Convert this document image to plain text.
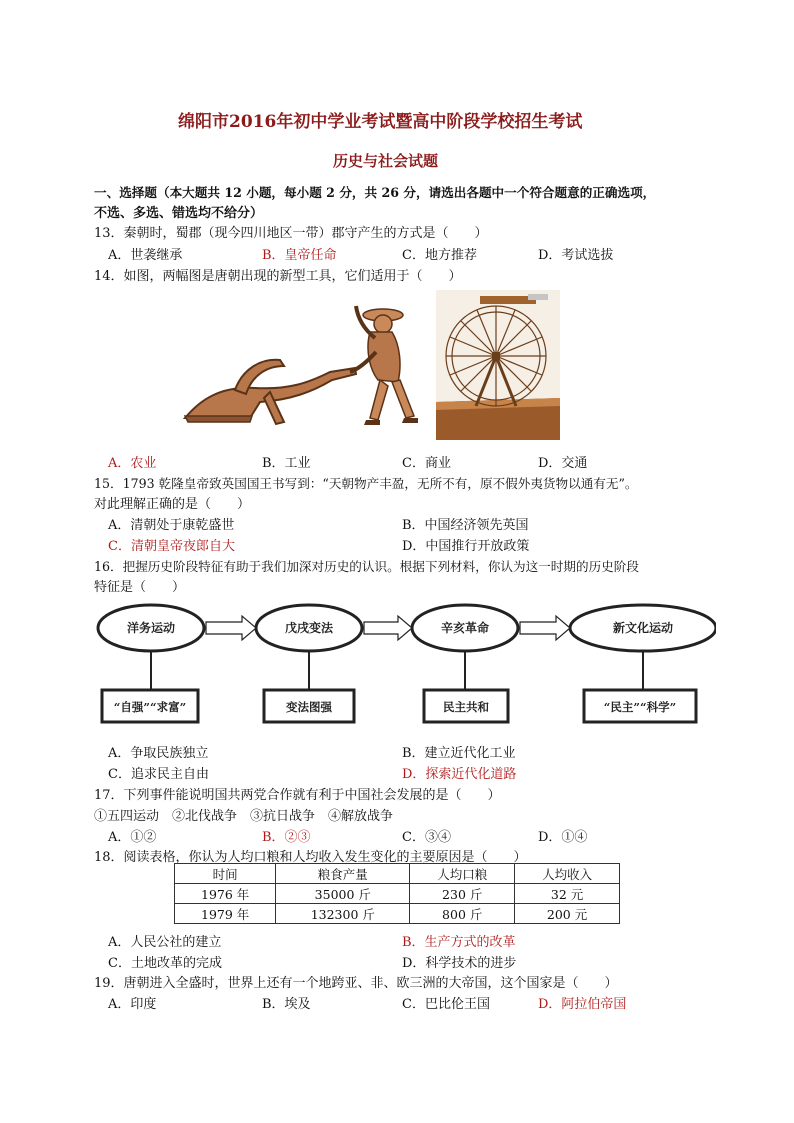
绵阳市2016年初中学业考试暨高中阶段学校招生考试
历史与社会试题
一、选择题（本大题共 12 小题，每小题 2 分，共 26 分，请选出各题中一个符合题意的正确选项，
不选、多选、错选均不给分）
13．秦朝时，蜀郡（现今四川地区一带）郡守产生的方式是（　　）
A．世袭继承	B．皇帝任命	C．地方推荐	D．考试选拔
14．如图，两幅图是唐朝出现的新型工具，它们适用于（　　）
A．农业	B．工业	C．商业	D．交通
15．1793 乾隆皇帝致英国国王书写到：“天朝物产丰盈，无所不有，原不假外夷货物以通有无”。
对此理解正确的是（　　）
A．清朝处于康乾盛世	B．中国经济领先英国
C．清朝皇帝夜郎自大	D．中国推行开放政策
16．把握历史阶段特征有助于我们加深对历史的认识。根据下列材料，你认为这一时期的历史阶段
特征是（　　）
洋务运动	戊戌变法	辛亥革命	新文化运动
“自强”“求富”	变法图强	民主共和	“民主”“科学”
A．争取民族独立	B．建立近代化工业
C．追求民主自由	D．探索近代化道路
17．下列事件能说明国共两党合作就有利于中国社会发展的是（　　）
①五四运动　②北伐战争　③抗日战争　④解放战争
A．①②	B．②③	C．③④	D．①④
18．阅读表格，你认为人均口粮和人均收入发生变化的主要原因是（　　）
时间	粮食产量	人均口粮	人均收入
1976 年	35000 斤	230 斤	32 元
1979 年	132300 斤	800 斤	200 元
A．人民公社的建立	B．生产方式的改革
C．土地改革的完成	D．科学技术的进步
19．唐朝进入全盛时，世界上还有一个地跨亚、非、欧三洲的大帝国，这个国家是（　　）
A．印度	B．埃及	C．巴比伦王国	D．阿拉伯帝国
